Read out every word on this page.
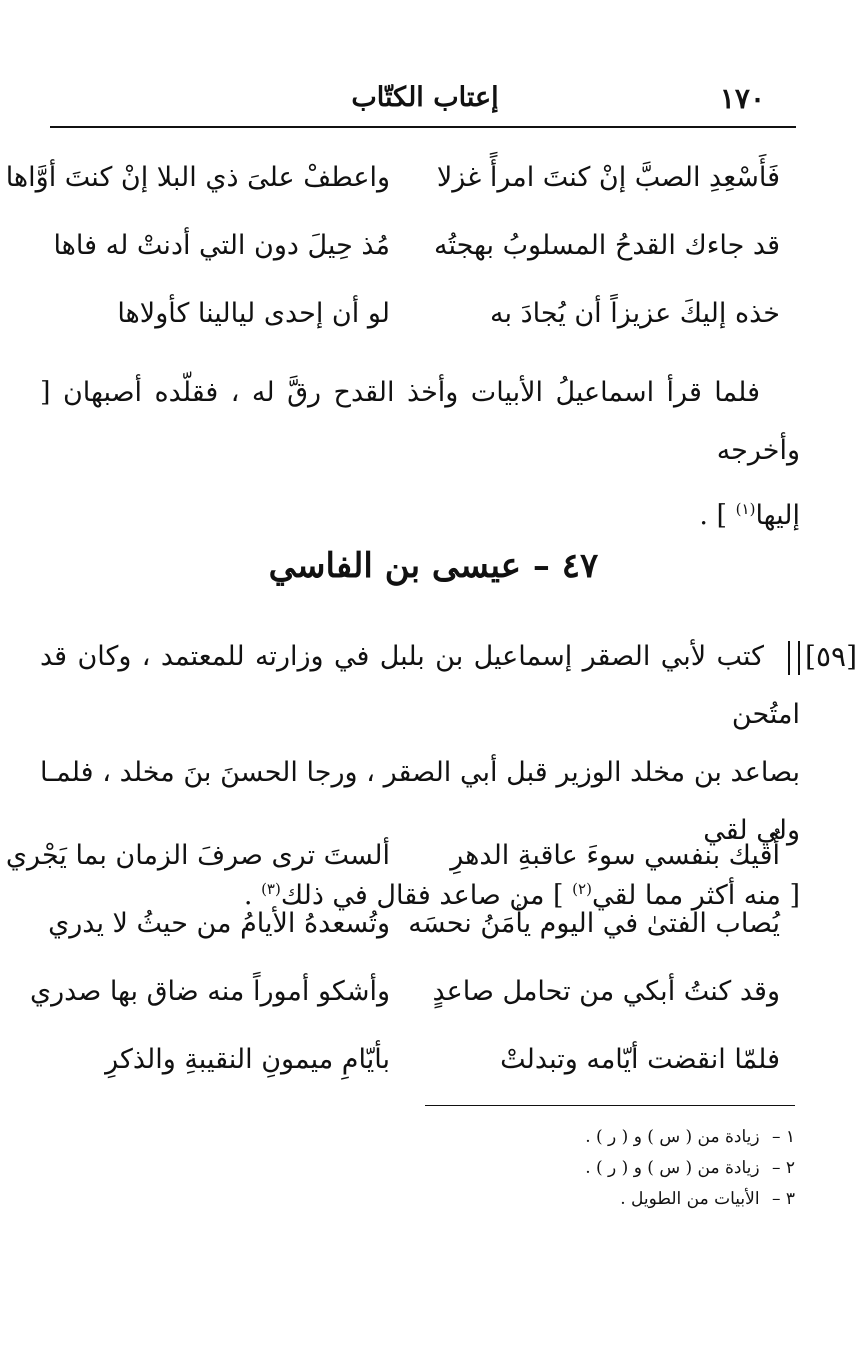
١٧٠
إعتاب الكتّاب
فَأَسْعِدِ الصبَّ إنْ كنتَ امرأً غزلا
واعطفْ علىَ ذي البلا إنْ كنتَ أوَّاها
قد جاءك القدحُ المسلوبُ بهجتُه
مُذ حِيلَ دون التي أدنتْ له فاها
خذه إليكَ عزيزاً أن يُجادَ به
لو أن إحدى ليالينا كأولاها

فلما قرأ اسماعيلُ الأبيات وأخذ القدح رقَّ له ، فقلّده أصبهان [ وأخرجه

إليها$^{(١)}$ ] .
٤٧ – عيسى بن الفاسي
[٥٩]
كتب لأبي الصقر إسماعيل بن بلبل في وزارته للمعتمد ، وكان قد امتُحن
بصاعد بن مخلد الوزير قبل أبي الصقر ، ورجا الحسنَ بنَ مخلد ، فلمـا ولي لقي
[ منه أكثر مما لقي$^{(٢)}$ ] من صاعد فقال في ذلك$^{(٣)}$ .
أُقيك بنفسي سوءَ عاقبةِ الدهرِ
ألستَ ترى صرفَ الزمان بما يَجْري
يُصاب الفتىٰ في اليوم يأمَنُ نحسَه
وتُسعدهُ الأيامُ من حيثُ لا يدري
وقد كنتُ أبكي من تحامل صاعدٍ
وأشكو أموراً منه ضاق بها صدري
فلمّا انقضت أيّامه وتبدلتْ
بأيّامِ ميمونِ النقيبةِ والذكرِ
١ – زيادة من ( س ) و ( ر ) .
٢ – زيادة من ( س ) و ( ر ) .
٣ – الأبيات من الطويل .
